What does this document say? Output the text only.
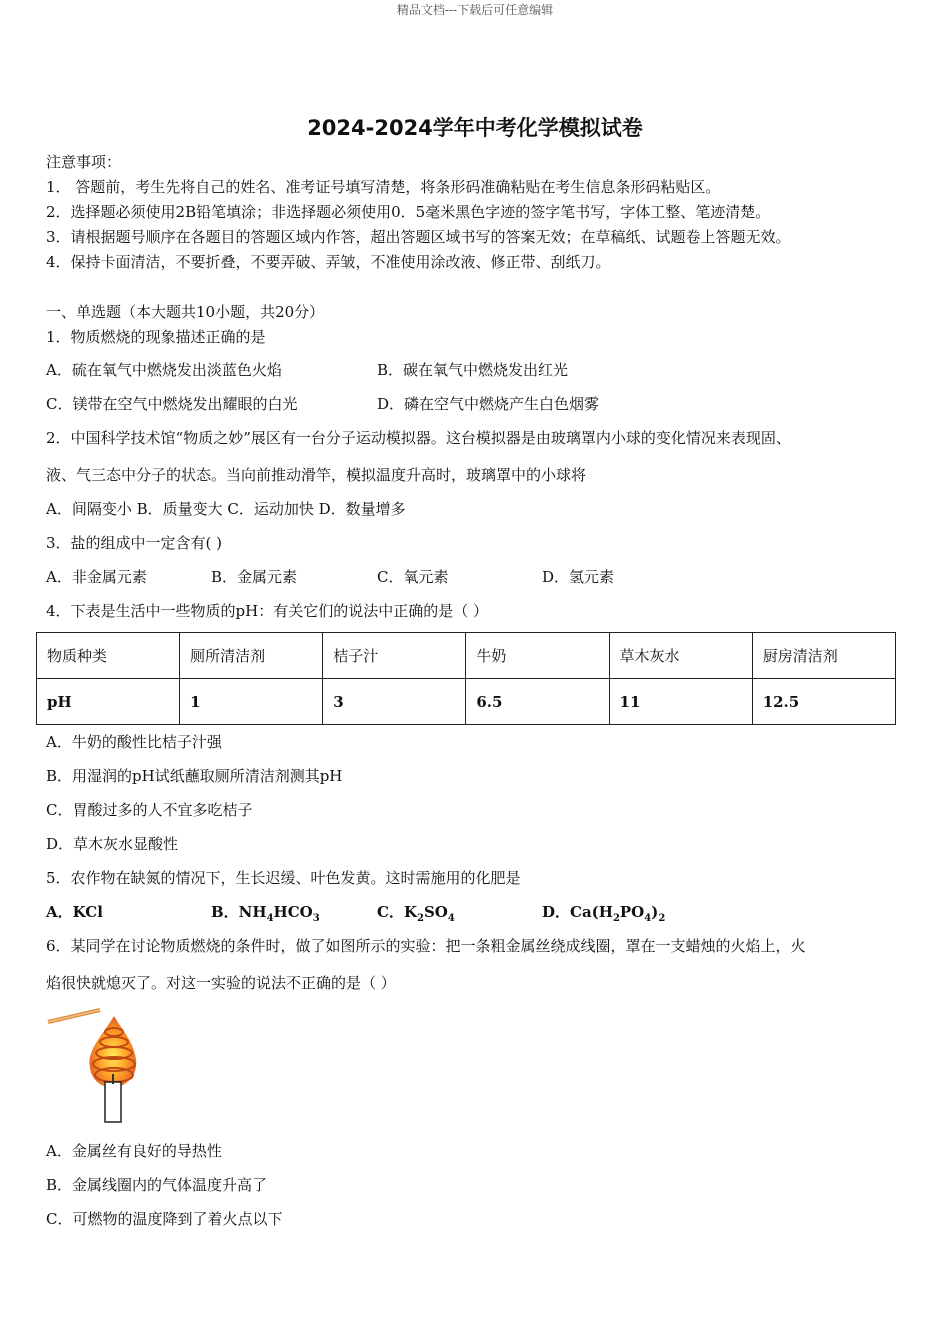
精品文档---下载后可任意编辑
2024-2024学年中考化学模拟试卷
注意事项：
1． 答题前，考生先将自己的姓名、准考证号填写清楚，将条形码准确粘贴在考生信息条形码粘贴区。
2．选择题必须使用2B铅笔填涂；非选择题必须使用0．5毫米黑色字迹的签字笔书写，字体工整、笔迹清楚。
3．请根据题号顺序在各题目的答题区域内作答，超出答题区域书写的答案无效；在草稿纸、试题卷上答题无效。
4．保持卡面清洁，不要折叠，不要弄破、弄皱，不准使用涂改液、修正带、刮纸刀。
一、单选题（本大题共10小题，共20分）
1．物质燃烧的现象描述正确的是
A．硫在氧气中燃烧发出淡蓝色火焰	B．碳在氧气中燃烧发出红光
C．镁带在空气中燃烧发出耀眼的白光	D．磷在空气中燃烧产生白色烟雾
2．中国科学技术馆“物质之妙”展区有一台分子运动模拟器。这台模拟器是由玻璃罩内小球的变化情况来表现固、
液、气三态中分子的状态。当向前推动滑竿，模拟温度升高时，玻璃罩中的小球将
A．间隔变小 B．质量变大 C．运动加快 D．数量增多
3．盐的组成中一定含有( )
A．非金属元素	B．金属元素	C．氧元素	D．氢元素
4．下表是生活中一些物质的pH：有关它们的说法中正确的是（ ）
物质种类	厕所清洁剂	桔子汁	牛奶	草木灰水	厨房清洁剂
pH	1	3	6.5	11	12.5
A．牛奶的酸性比桔子汁强
B．用湿润的pH试纸蘸取厕所清洁剂测其pH
C．胃酸过多的人不宜多吃桔子
D．草木灰水显酸性
5．农作物在缺氮的情况下，生长迟缓、叶色发黄。这时需施用的化肥是
A．KCl	B．$NH_4HCO_3$	C．$K_2SO_4$	D．$Ca(H_2PO_4)_2$
6．某同学在讨论物质燃烧的条件时，做了如图所示的实验：把一条粗金属丝绕成线圈，罩在一支蜡烛的火焰上，火
焰很快就熄灭了。对这一实验的说法不正确的是（ ）
A．金属丝有良好的导热性
B．金属线圈内的气体温度升高了
C．可燃物的温度降到了着火点以下
